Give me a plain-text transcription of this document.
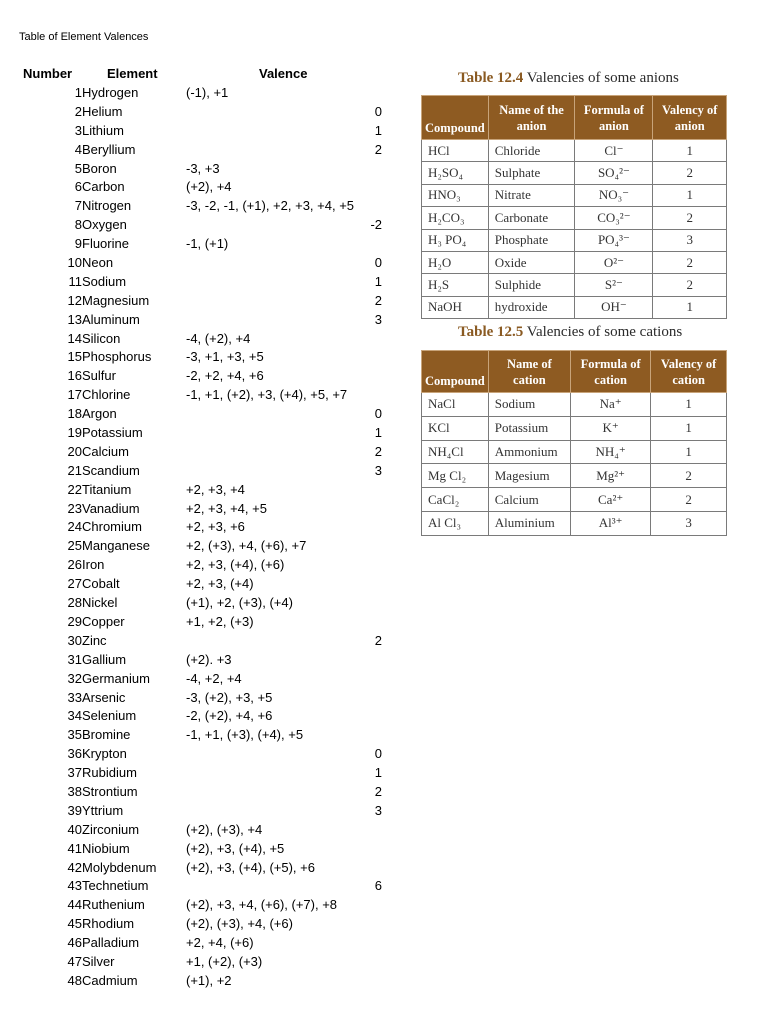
Table of Element Valences
Number	Element	Valence
1 Hydrogen	(-1), +1
2 Helium	0
3 Lithium	1
4 Beryllium	2
5 Boron	-3, +3
6 Carbon	(+2), +4
7 Nitrogen	-3, -2, -1, (+1), +2, +3, +4, +5
8 Oxygen	-2
9 Fluorine	-1, (+1)
10 Neon	0
11 Sodium	1
12 Magnesium	2
13 Aluminum	3
14 Silicon	-4, (+2), +4
15 Phosphorus	-3, +1, +3, +5
16 Sulfur	-2, +2, +4, +6
17 Chlorine	-1, +1, (+2), +3, (+4), +5, +7
18 Argon	0
19 Potassium	1
20 Calcium	2
21 Scandium	3
22 Titanium	+2, +3, +4
23 Vanadium	+2, +3, +4, +5
24 Chromium	+2, +3, +6
25 Manganese	+2, (+3), +4, (+6), +7
26 Iron	+2, +3, (+4), (+6)
27 Cobalt	+2, +3, (+4)
28 Nickel	(+1), +2, (+3), (+4)
29 Copper	+1, +2, (+3)
30 Zinc	2
31 Gallium	(+2). +3
32 Germanium	-4, +2, +4
33 Arsenic	-3, (+2), +3, +5
34 Selenium	-2, (+2), +4, +6
35 Bromine	-1, +1, (+3), (+4), +5
36 Krypton	0
37 Rubidium	1
38 Strontium	2
39 Yttrium	3
40 Zirconium	(+2), (+3), +4
41 Niobium	(+2), +3, (+4), +5
42 Molybdenum (+2), +3, (+4), (+5), +6
43 Technetium	6
44 Ruthenium	(+2), +3, +4, (+6), (+7), +8
45 Rhodium	(+2), (+3), +4, (+6)
46 Palladium	+2, +4, (+6)
47 Silver	+1, (+2), (+3)
48 Cadmium	(+1), +2
Table 12.4 Valencies of some anions
Compound	Name of the anion	Formula of anion	Valency of anion
HCl	Chloride	Cl⁻	1
H₂SO₄	Sulphate	SO₄²⁻	2
HNO₃	Nitrate	NO₃⁻	1
H₂CO₃	Carbonate	CO₃²⁻	2
H₃ PO₄	Phosphate	PO₄³⁻	3
H₂O	Oxide	O²⁻	2
H₂S	Sulphide	S²⁻	2
NaOH	hydroxide	OH⁻	1
Table 12.5 Valencies of some cations
Compound	Name of cation	Formula of cation	Valency of cation
NaCl	Sodium	Na⁺	1
KCl	Potassium	K⁺	1
NH₄Cl	Ammonium	NH₄⁺	1
Mg Cl₂	Magesium	Mg²⁺	2
CaCl₂	Calcium	Ca²⁺	2
Al Cl₃	Aluminium	Al³⁺	3
